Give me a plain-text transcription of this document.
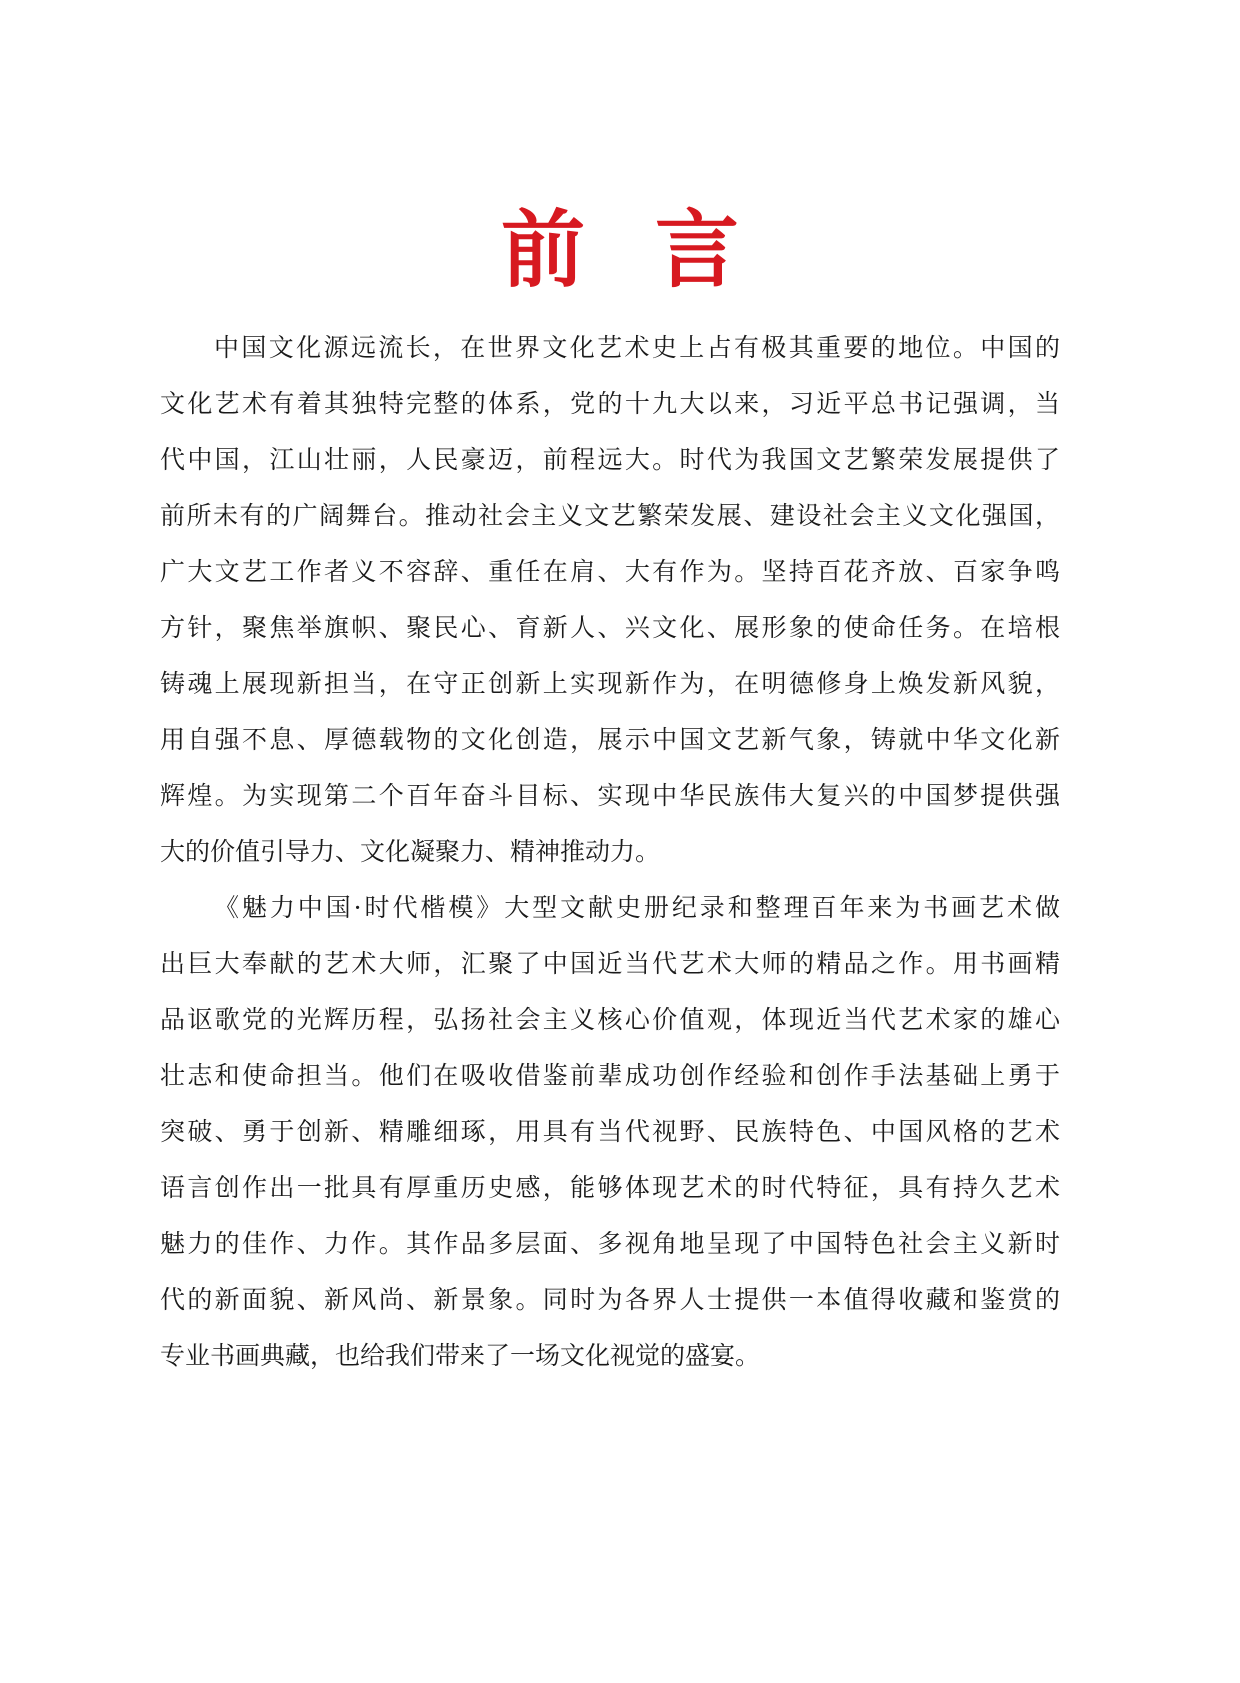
前言
中国文化源远流长，在世界文化艺术史上占有极其重要的地位。中国的
文化艺术有着其独特完整的体系，党的十九大以来，习近平总书记强调，当
代中国，江山壮丽，人民豪迈，前程远大。时代为我国文艺繁荣发展提供了
前所未有的广阔舞台。推动社会主义文艺繁荣发展、建设社会主义文化强国，
广大文艺工作者义不容辞、重任在肩、大有作为。坚持百花齐放、百家争鸣
方针，聚焦举旗帜、聚民心、育新人、兴文化、展形象的使命任务。在培根
铸魂上展现新担当，在守正创新上实现新作为，在明德修身上焕发新风貌，
用自强不息、厚德载物的文化创造，展示中国文艺新气象，铸就中华文化新
辉煌。为实现第二个百年奋斗目标、实现中华民族伟大复兴的中国梦提供强
大的价值引导力、文化凝聚力、精神推动力。
《魅力中国·时代楷模》大型文献史册纪录和整理百年来为书画艺术做
出巨大奉献的艺术大师，汇聚了中国近当代艺术大师的精品之作。用书画精
品讴歌党的光辉历程，弘扬社会主义核心价值观，体现近当代艺术家的雄心
壮志和使命担当。他们在吸收借鉴前辈成功创作经验和创作手法基础上勇于
突破、勇于创新、精雕细琢，用具有当代视野、民族特色、中国风格的艺术
语言创作出一批具有厚重历史感，能够体现艺术的时代特征，具有持久艺术
魅力的佳作、力作。其作品多层面、多视角地呈现了中国特色社会主义新时
代的新面貌、新风尚、新景象。同时为各界人士提供一本值得收藏和鉴赏的
专业书画典藏，也给我们带来了一场文化视觉的盛宴。
